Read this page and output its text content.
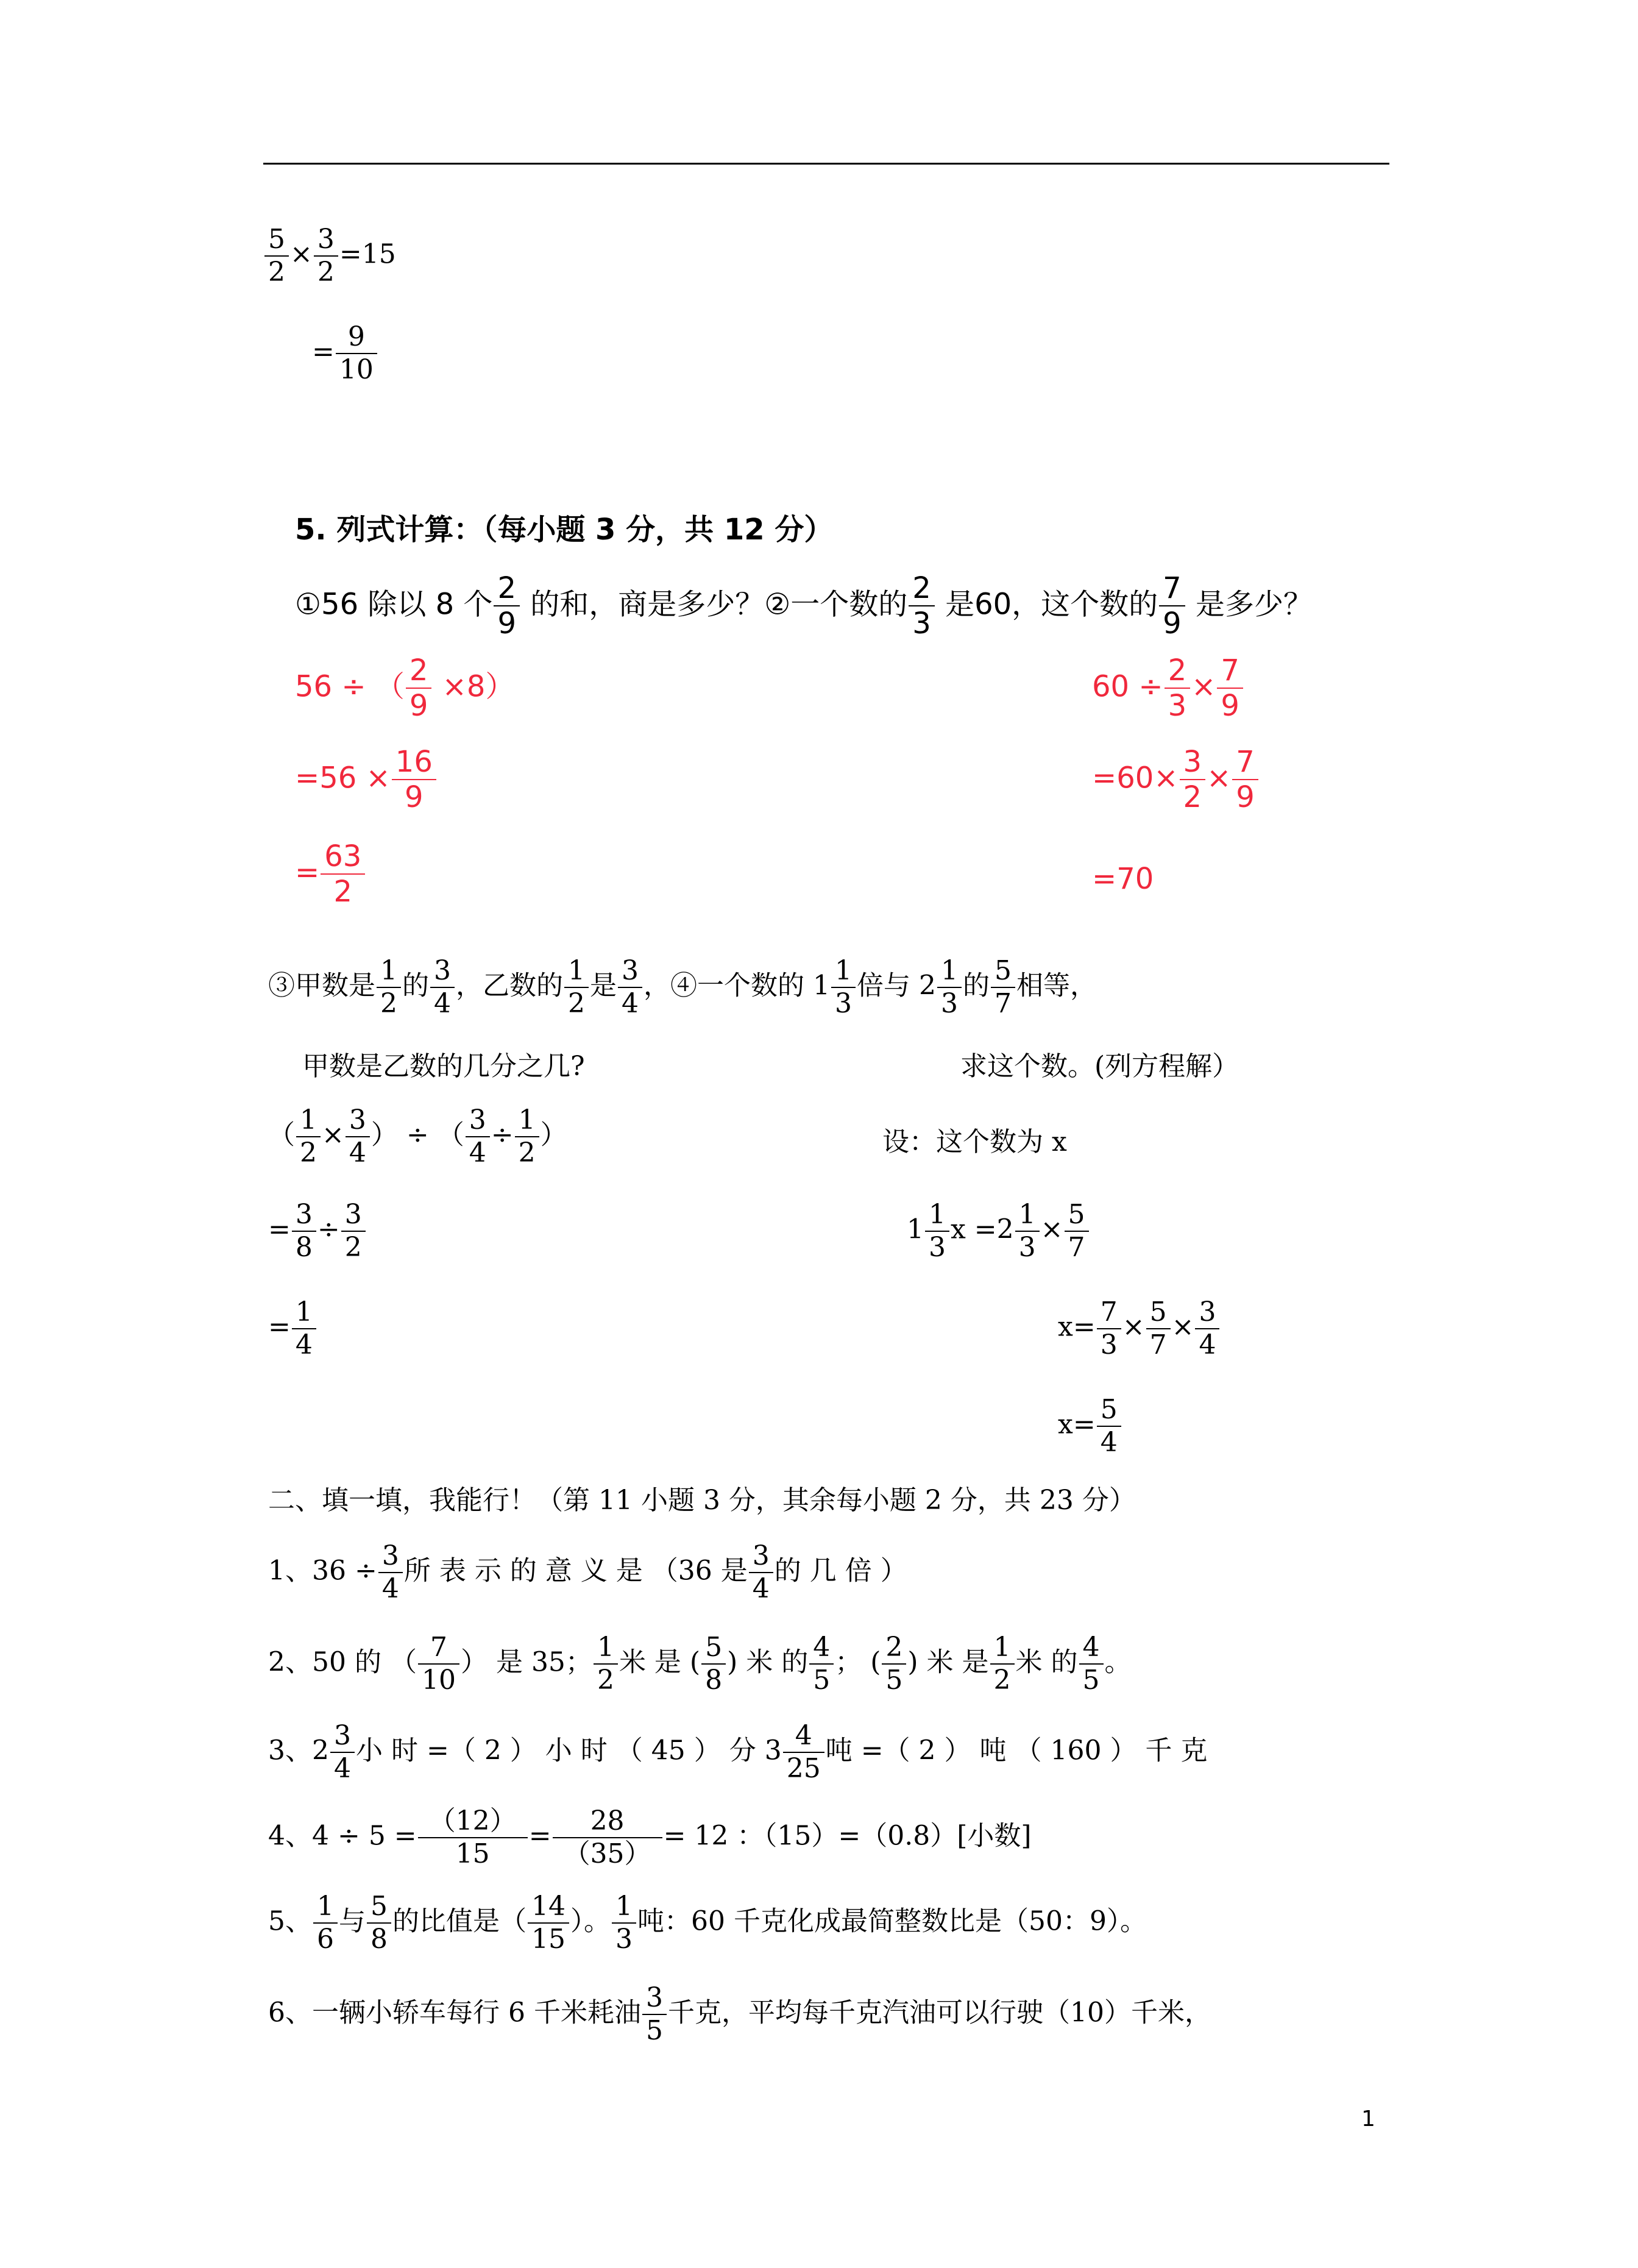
$\frac{5}{2} \times \frac{3}{2} =15$
= $\frac{9}{10}$
5. 列式计算：（每小题 3 分，共 12 分）
①56 除以 8 个 $\frac{2}{9}$ 的和，商是多少？②一个数的 $\frac{2}{3}$ 是60，这个数的 $\frac{7}{9}$ 是多少？
56 ÷ （ $\frac{2}{9} \times 8$）
$=56 \times \frac{16}{9}$
= $\frac{63}{2}$
$60 \div \frac{2}{3} \times \frac{7}{9}$
$=60\times \frac{3}{2} \times \frac{7}{9}$
=70
③甲数是 $\frac{1}{2}$ 的 $\frac{3}{4}$ ，乙数的 $\frac{1}{2}$ 是 $\frac{3}{4}$ ，④一个数的 $1 \frac{1}{3}$ 倍与 $2 \frac{1}{3}$ 的 $\frac{5}{7}$ 相等，
甲数是乙数的几分之几?	求这个数。(列方程解）
（ $\frac{1}{2} \times \frac{3}{4}$ ） ÷ （ $\frac{3}{4} \div \frac{1}{2}$ ）
= $\frac{3}{8} \div \frac{3}{2}$
= $\frac{1}{4}$
设：这个数为 x
$1 \frac{1}{3}$ $x =2 \frac{1}{3} \times \frac{5}{7}$
$x= \frac{7}{3} \times \frac{5}{7} \times \frac{3}{4}$
$x= \frac{5}{4}$
二、填一填，我能行！（第 11 小题 3 分，其余每小题 2 分，共 23 分）
1、$36 \div \frac{3}{4}$ 所 表 示 的 意 义 是 （36 是 $\frac{3}{4}$ 的 几 倍 ）
2、50 的 （ $\frac{7}{10}$ ） 是 35； $\frac{1}{2}$ 米 是 ( $\frac{5}{8}$ ) 米 的 $\frac{4}{5}$ ； ( $\frac{2}{5}$ ) 米 是 $\frac{1}{2}$ 米 的 $\frac{4}{5}$ 。
3、$2 \frac{3}{4}$ 小 时 =（ 2 ） 小 时 （ 45 ） 分 $3 \frac{4}{25}$ 吨 =（ 2 ） 吨 （ 160 ） 千 克
4、$4 \div 5 = \frac{(12)}{15} = \frac{28}{(35)} = 12$ ：（15）=（0.8）[小数]
5、 $\frac{1}{6}$ 与 $\frac{5}{8}$ 的比值是（ $\frac{14}{15}$ ）。 $\frac{1}{3}$ 吨：60 千克化成最简整数比是（50：9）。
6、一辆小轿车每行 6 千米耗油 $\frac{3}{5}$ 千克，平均每千克汽油可以行驶（10）千米，
1
